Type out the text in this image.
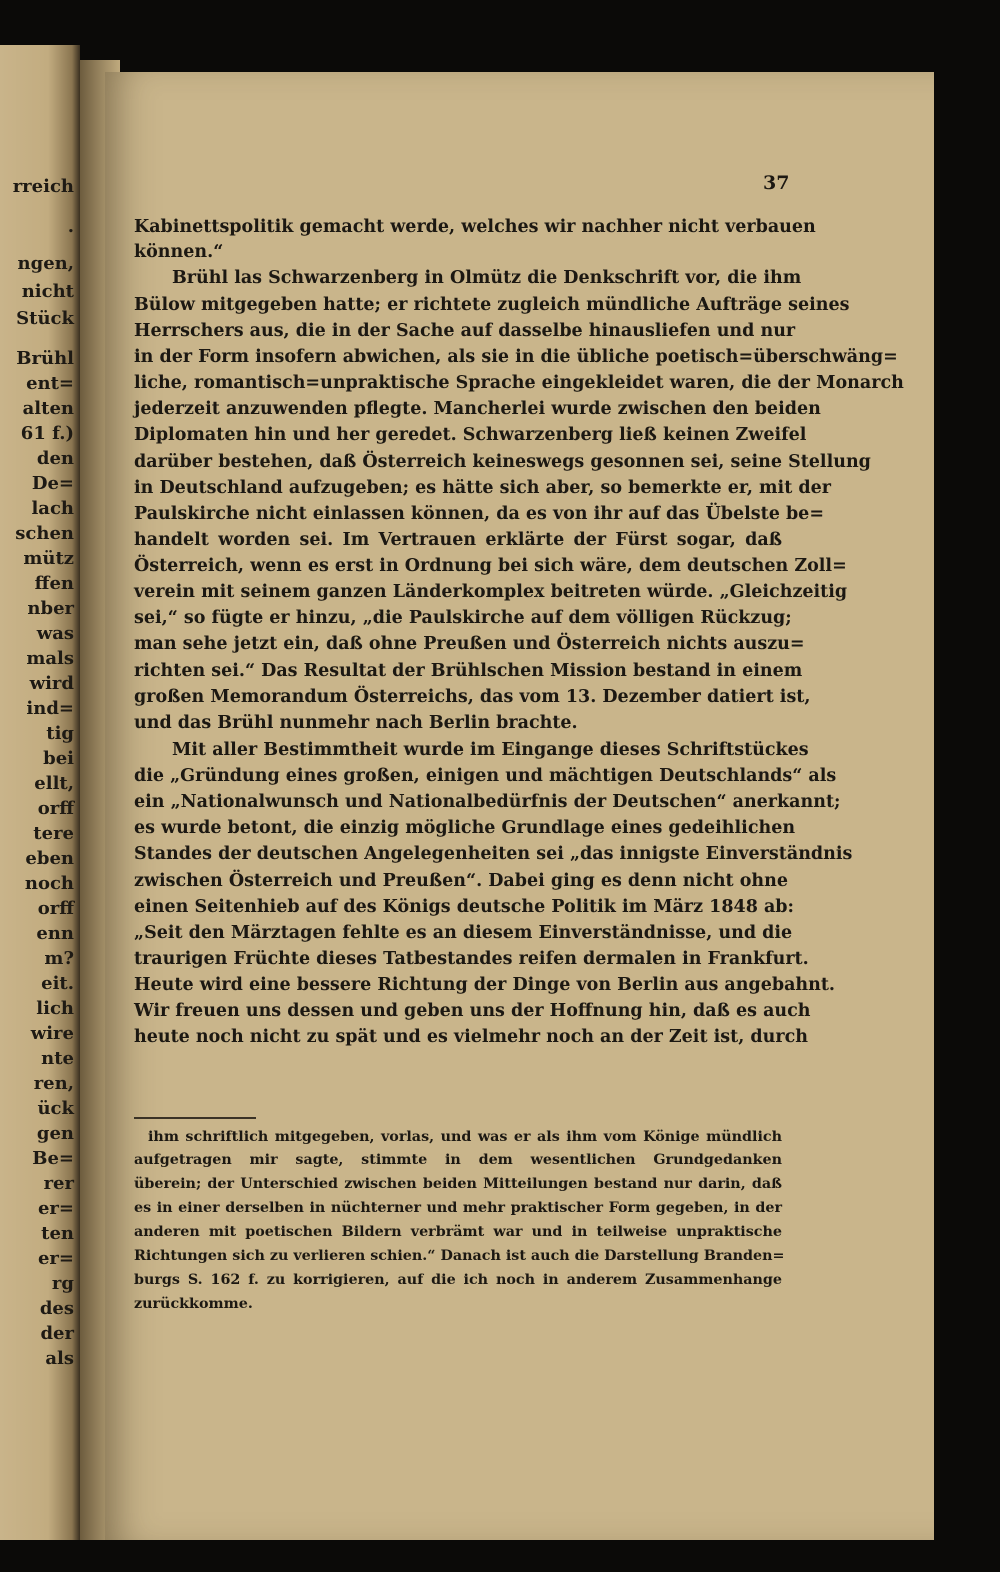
rreich
.
ngen,
nicht
Stück
Brühl
ent=
alten
61 f.)
den
De=
lach
schen
mütz
ffen
nber
was
mals
wird
ind=
tig
bei
ellt,
orff
tere
eben
noch
orff
enn
m?
eit.
lich
wire
nte
ren,
ück
gen
Be=
rer
er=
ten
er=
rg
des
der
als
37
Kabinettspolitik gemacht werde, welches wir nachher nicht verbauen
können.“
Brühl las Schwarzenberg in Olmütz die Denkschrift vor, die ihm
Bülow mitgegeben hatte; er richtete zugleich mündliche Aufträge seines
Herrschers aus, die in der Sache auf dasselbe hinausliefen und nur
in der Form insofern abwichen, als sie in die übliche poetisch=überschwäng=
liche, romantisch=unpraktische Sprache eingekleidet waren, die der Monarch
jederzeit anzuwenden pflegte. Mancherlei wurde zwischen den beiden
Diplomaten hin und her geredet. Schwarzenberg ließ keinen Zweifel
darüber bestehen, daß Österreich keineswegs gesonnen sei, seine Stellung
in Deutschland aufzugeben; es hätte sich aber, so bemerkte er, mit der
Paulskirche nicht einlassen können, da es von ihr auf das Übelste be=
handelt worden sei. Im Vertrauen erklärte der Fürst sogar, daß
Österreich, wenn es erst in Ordnung bei sich wäre, dem deutschen Zoll=
verein mit seinem ganzen Länderkomplex beitreten würde. „Gleichzeitig
sei,“ so fügte er hinzu, „die Paulskirche auf dem völligen Rückzug;
man sehe jetzt ein, daß ohne Preußen und Österreich nichts auszu=
richten sei.“ Das Resultat der Brühlschen Mission bestand in einem
großen Memorandum Österreichs, das vom 13. Dezember datiert ist,
und das Brühl nunmehr nach Berlin brachte.
Mit aller Bestimmtheit wurde im Eingange dieses Schriftstückes
die „Gründung eines großen, einigen und mächtigen Deutschlands“ als
ein „Nationalwunsch und Nationalbedürfnis der Deutschen“ anerkannt;
es wurde betont, die einzig mögliche Grundlage eines gedeihlichen
Standes der deutschen Angelegenheiten sei „das innigste Einverständnis
zwischen Österreich und Preußen“. Dabei ging es denn nicht ohne
einen Seitenhieb auf des Königs deutsche Politik im März 1848 ab:
„Seit den Märztagen fehlte es an diesem Einverständnisse, und die
traurigen Früchte dieses Tatbestandes reifen dermalen in Frankfurt.
Heute wird eine bessere Richtung der Dinge von Berlin aus angebahnt.
Wir freuen uns dessen und geben uns der Hoffnung hin, daß es auch
heute noch nicht zu spät und es vielmehr noch an der Zeit ist, durch
ihm schriftlich mitgegeben, vorlas, und was er als ihm vom Könige mündlich
aufgetragen mir sagte, stimmte in dem wesentlichen Grundgedanken
überein; der Unterschied zwischen beiden Mitteilungen bestand nur darin, daß
es in einer derselben in nüchterner und mehr praktischer Form gegeben, in der
anderen mit poetischen Bildern verbrämt war und in teilweise unpraktische
Richtungen sich zu verlieren schien.“ Danach ist auch die Darstellung Branden=
burgs S. 162 f. zu korrigieren, auf die ich noch in anderem Zusammenhange
zurückkomme.
